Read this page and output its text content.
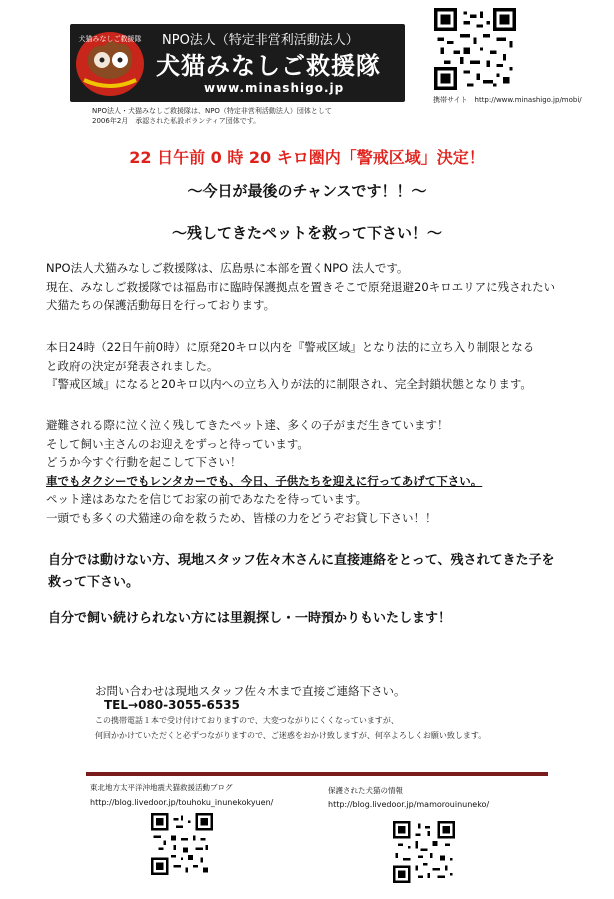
犬猫みなしご救援隊 NPO法人（特定非営利活動法人）
犬猫みなしご救援隊
www.minashigo.jp
NPO法人・犬猫みなしご救援隊は、NPO（特定非営利活動法人）団体として
2006年2月　承認された私設ボランティア団体です。
携帯サイト　http://www.minashigo.jp/mobi/
22 日午前 0 時 20 キロ圏内「警戒区域」決定！
～今日が最後のチャンスです！！～
～残してきたペットを救って下さい！～
NPO法人犬猫みなしご救援隊は、広島県に本部を置くNPO 法人です。
現在、みなしご救援隊では福島市に臨時保護拠点を置きそこで原発退避20キロエリアに残されたい
犬猫たちの保護活動毎日を行っております。
本日24時（22日午前0時）に原発20キロ以内を『警戒区域』となり法的に立ち入り制限となる
と政府の決定が発表されました。
『警戒区域』になると20キロ以内への立ち入りが法的に制限され、完全封鎖状態となります。
避難される際に泣く泣く残してきたペット達、多くの子がまだ生きています！
そして飼い主さんのお迎えをずっと待っています。
どうか今すぐ行動を起こして下さい！
車でもタクシーでもレンタカーでも、今日、子供たちを迎えに行ってあげて下さい。
ペット達はあなたを信じてお家の前であなたを待っています。
一頭でも多くの犬猫達の命を救うため、皆様の力をどうぞお貸し下さい！！
自分では動けない方、現地スタッフ佐々木さんに直接連絡をとって、残されてきた子を
救って下さい。
自分で飼い続けられない方には里親探し・一時預かりもいたします！
お問い合わせは現地スタッフ佐々木まで直接ご連絡下さい。
TEL→080-3055-6535
この携帯電話１本で受け付けておりますので、大変つながりにくくなっていますが、
何回かかけていただくと必ずつながりますので、ご迷惑をおかけ致しますが、何卒よろしくお願い致します。
東北地方太平洋沖地震犬猫救援活動ブログ
http://blog.livedoor.jp/touhoku_inunekokyuen/
保護された犬猫の情報
http://blog.livedoor.jp/mamorouinuneko/
